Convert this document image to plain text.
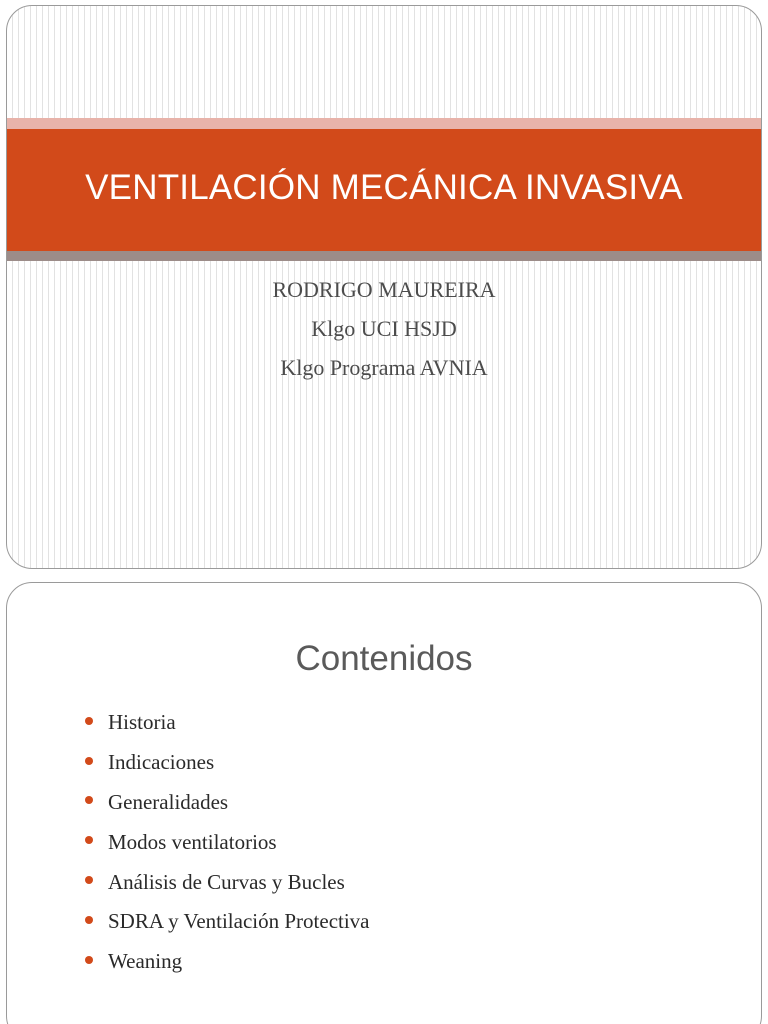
VENTILACIÓN MECÁNICA INVASIVA
RODRIGO MAUREIRA
Klgo UCI HSJD
Klgo Programa AVNIA
Contenidos
Historia
Indicaciones
Generalidades
Modos ventilatorios
Análisis de Curvas y Bucles
SDRA y Ventilación Protectiva
Weaning
